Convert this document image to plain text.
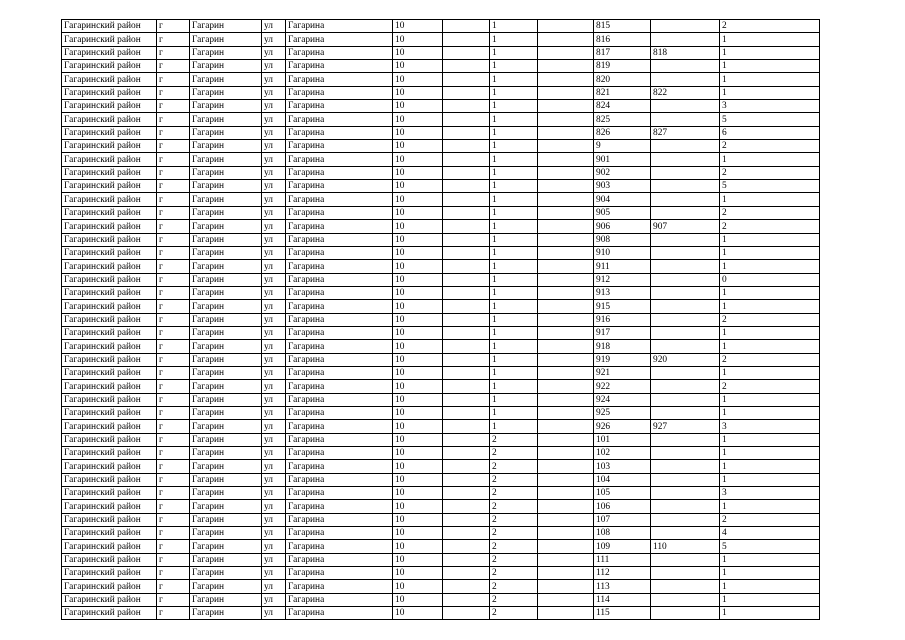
Гагаринский район	г	Гагарин	ул	Гагарина	10		1		815		2
Гагаринский район	г	Гагарин	ул	Гагарина	10		1		816		1
Гагаринский район	г	Гагарин	ул	Гагарина	10		1		817	818	1
Гагаринский район	г	Гагарин	ул	Гагарина	10		1		819		1
Гагаринский район	г	Гагарин	ул	Гагарина	10		1		820		1
Гагаринский район	г	Гагарин	ул	Гагарина	10		1		821	822	1
Гагаринский район	г	Гагарин	ул	Гагарина	10		1		824		3
Гагаринский район	г	Гагарин	ул	Гагарина	10		1		825		5
Гагаринский район	г	Гагарин	ул	Гагарина	10		1		826	827	6
Гагаринский район	г	Гагарин	ул	Гагарина	10		1		9		2
Гагаринский район	г	Гагарин	ул	Гагарина	10		1		901		1
Гагаринский район	г	Гагарин	ул	Гагарина	10		1		902		2
Гагаринский район	г	Гагарин	ул	Гагарина	10		1		903		5
Гагаринский район	г	Гагарин	ул	Гагарина	10		1		904		1
Гагаринский район	г	Гагарин	ул	Гагарина	10		1		905		2
Гагаринский район	г	Гагарин	ул	Гагарина	10		1		906	907	2
Гагаринский район	г	Гагарин	ул	Гагарина	10		1		908		1
Гагаринский район	г	Гагарин	ул	Гагарина	10		1		910		1
Гагаринский район	г	Гагарин	ул	Гагарина	10		1		911		1
Гагаринский район	г	Гагарин	ул	Гагарина	10		1		912		0
Гагаринский район	г	Гагарин	ул	Гагарина	10		1		913		1
Гагаринский район	г	Гагарин	ул	Гагарина	10		1		915		1
Гагаринский район	г	Гагарин	ул	Гагарина	10		1		916		2
Гагаринский район	г	Гагарин	ул	Гагарина	10		1		917		1
Гагаринский район	г	Гагарин	ул	Гагарина	10		1		918		1
Гагаринский район	г	Гагарин	ул	Гагарина	10		1		919	920	2
Гагаринский район	г	Гагарин	ул	Гагарина	10		1		921		1
Гагаринский район	г	Гагарин	ул	Гагарина	10		1		922		2
Гагаринский район	г	Гагарин	ул	Гагарина	10		1		924		1
Гагаринский район	г	Гагарин	ул	Гагарина	10		1		925		1
Гагаринский район	г	Гагарин	ул	Гагарина	10		1		926	927	3
Гагаринский район	г	Гагарин	ул	Гагарина	10		2		101		1
Гагаринский район	г	Гагарин	ул	Гагарина	10		2		102		1
Гагаринский район	г	Гагарин	ул	Гагарина	10		2		103		1
Гагаринский район	г	Гагарин	ул	Гагарина	10		2		104		1
Гагаринский район	г	Гагарин	ул	Гагарина	10		2		105		3
Гагаринский район	г	Гагарин	ул	Гагарина	10		2		106		1
Гагаринский район	г	Гагарин	ул	Гагарина	10		2		107		2
Гагаринский район	г	Гагарин	ул	Гагарина	10		2		108		4
Гагаринский район	г	Гагарин	ул	Гагарина	10		2		109	110	5
Гагаринский район	г	Гагарин	ул	Гагарина	10		2		111		1
Гагаринский район	г	Гагарин	ул	Гагарина	10		2		112		1
Гагаринский район	г	Гагарин	ул	Гагарина	10		2		113		1
Гагаринский район	г	Гагарин	ул	Гагарина	10		2		114		1
Гагаринский район	г	Гагарин	ул	Гагарина	10		2		115		1
